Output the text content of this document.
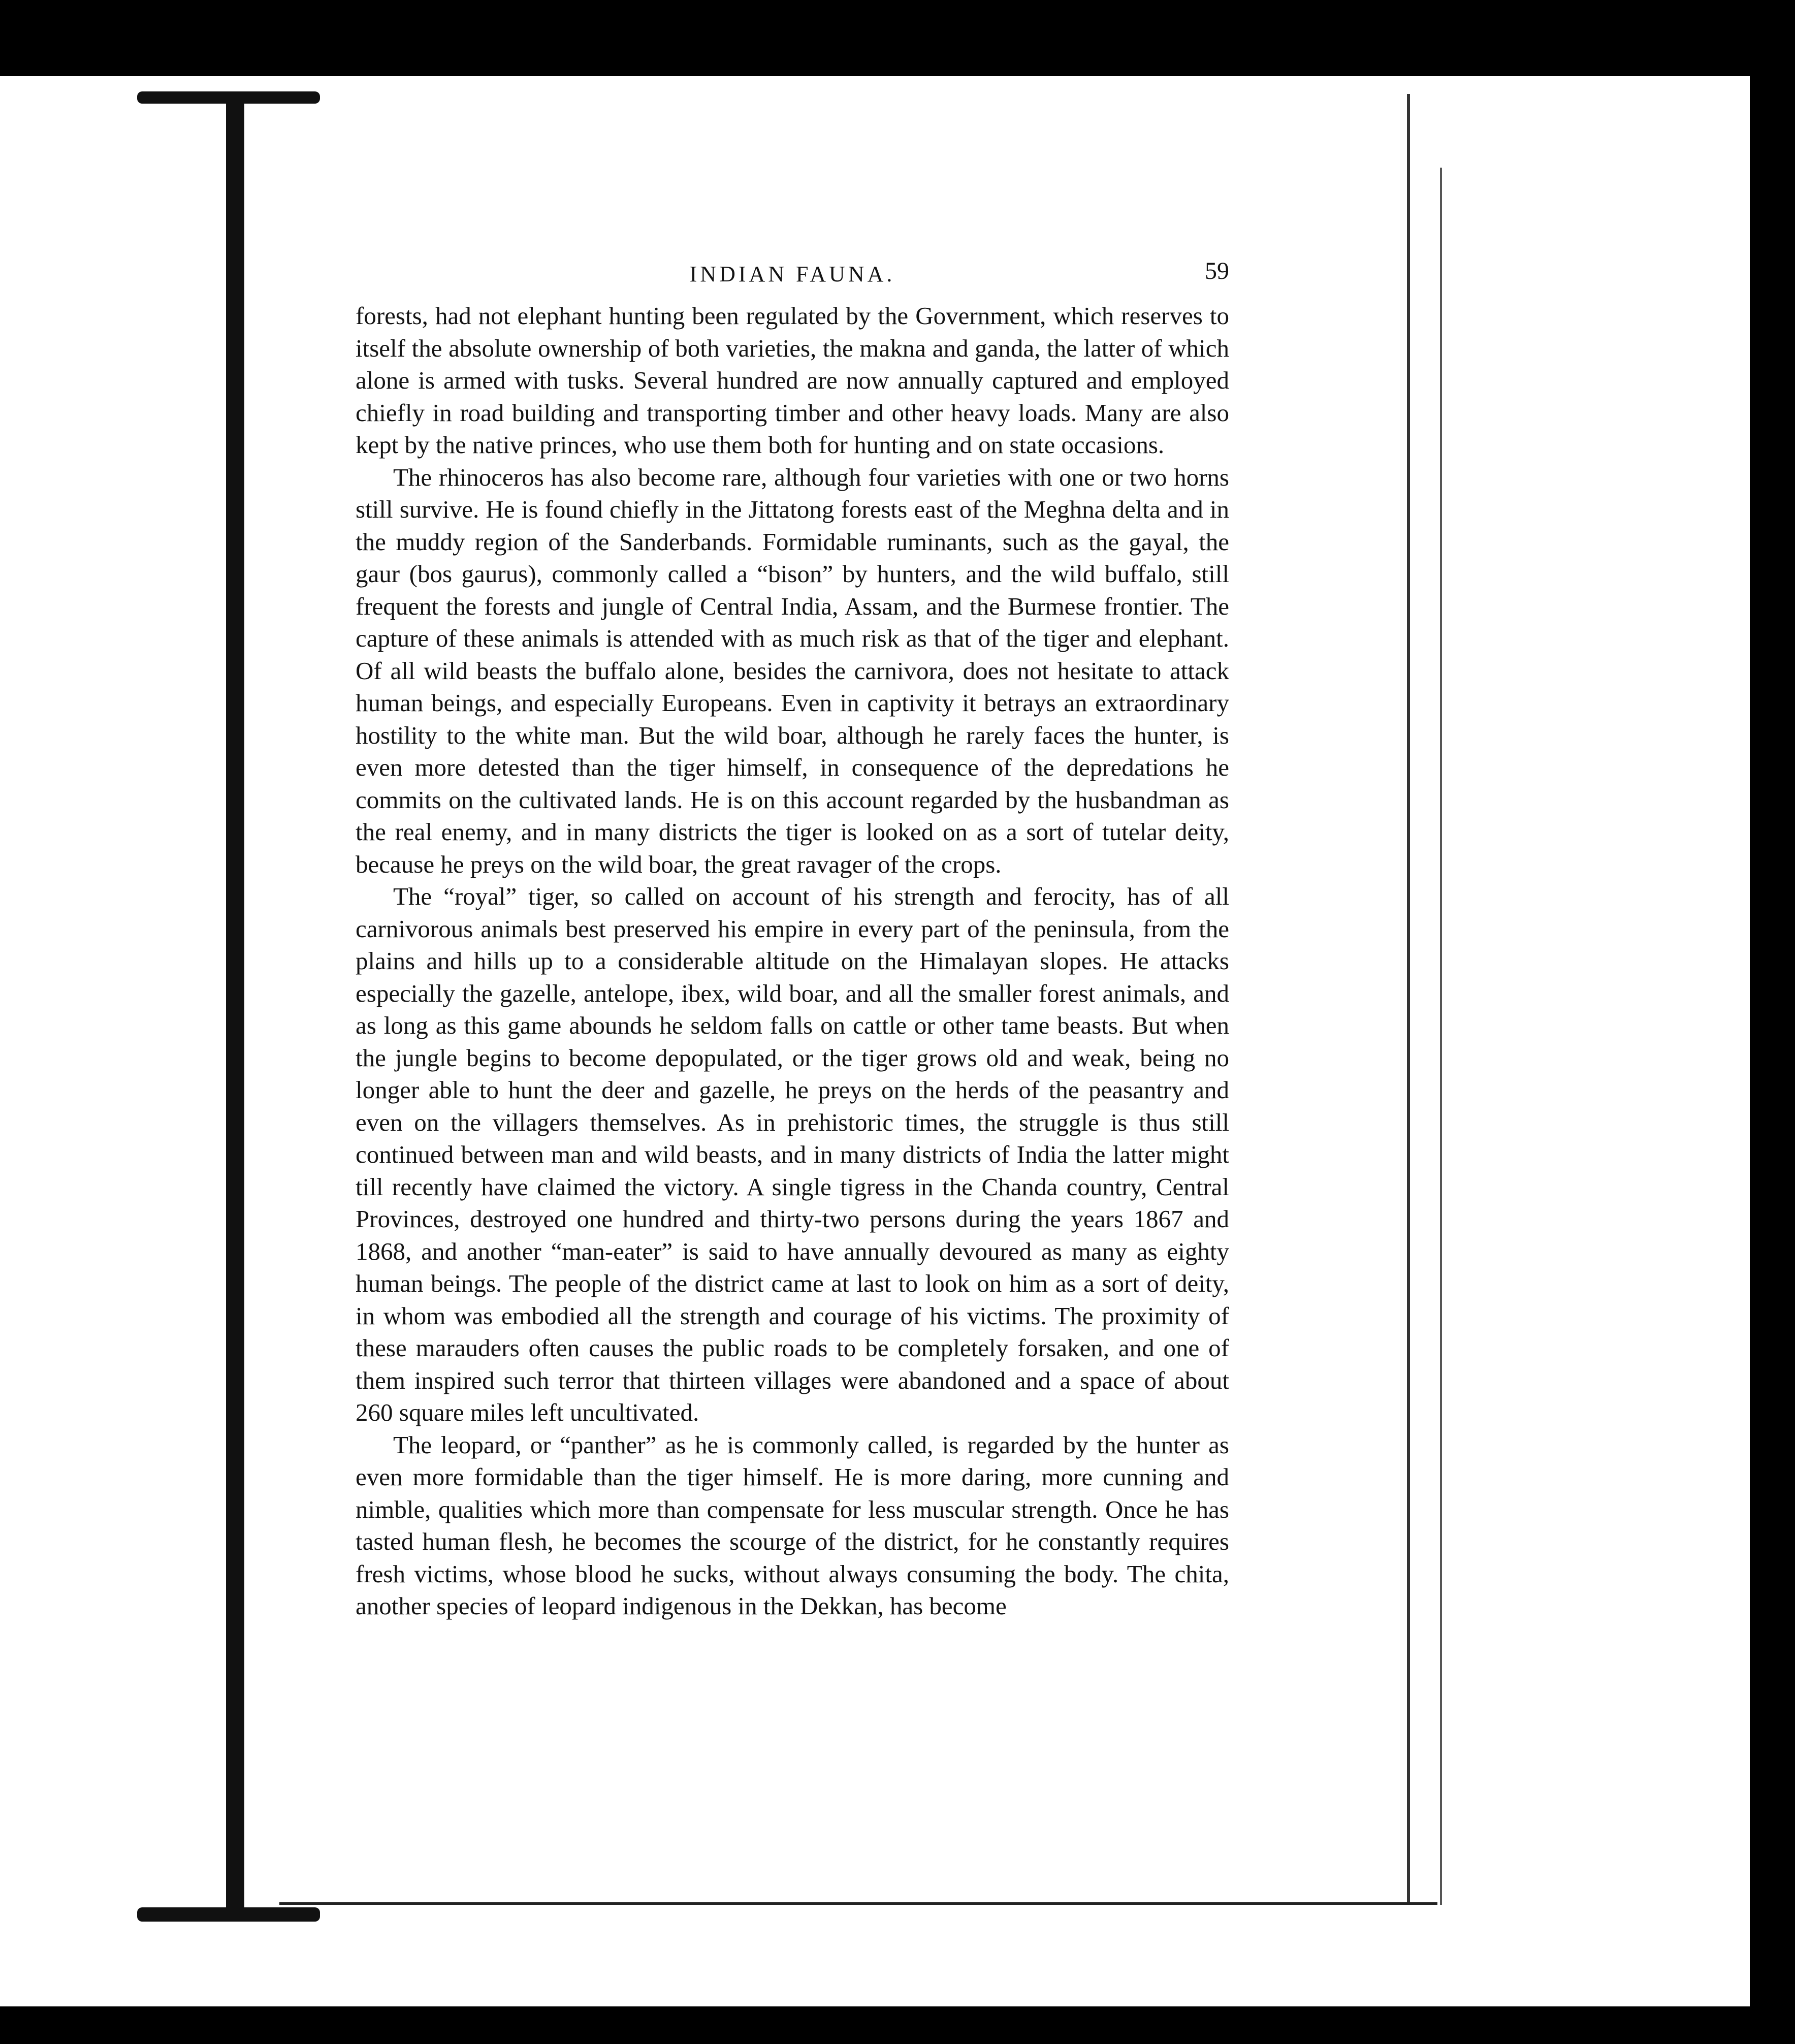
INDIAN FAUNA.	59

forests, had not elephant hunting been regulated by the Government, which reserves to itself the absolute ownership of both varieties, the makna and ganda, the latter of which alone is armed with tusks. Several hundred are now annually captured and employed chiefly in road building and transporting timber and other heavy loads. Many are also kept by the native princes, who use them both for hunting and on state occasions.

The rhinoceros has also become rare, although four varieties with one or two horns still survive. He is found chiefly in the Jittatong forests east of the Meghna delta and in the muddy region of the Sanderbands. Formidable ruminants, such as the gayal, the gaur (bos gaurus), commonly called a “bison” by hunters, and the wild buffalo, still frequent the forests and jungle of Central India, Assam, and the Burmese frontier. The capture of these animals is attended with as much risk as that of the tiger and elephant. Of all wild beasts the buffalo alone, besides the carnivora, does not hesitate to attack human beings, and especially Europeans. Even in captivity it betrays an extraordinary hostility to the white man. But the wild boar, although he rarely faces the hunter, is even more detested than the tiger himself, in consequence of the depredations he commits on the cultivated lands. He is on this account regarded by the husbandman as the real enemy, and in many districts the tiger is looked on as a sort of tutelar deity, because he preys on the wild boar, the great ravager of the crops.

The “royal” tiger, so called on account of his strength and ferocity, has of all carnivorous animals best preserved his empire in every part of the peninsula, from the plains and hills up to a considerable altitude on the Himalayan slopes. He attacks especially the gazelle, antelope, ibex, wild boar, and all the smaller forest animals, and as long as this game abounds he seldom falls on cattle or other tame beasts. But when the jungle begins to become depopulated, or the tiger grows old and weak, being no longer able to hunt the deer and gazelle, he preys on the herds of the peasantry and even on the villagers themselves. As in prehistoric times, the struggle is thus still continued between man and wild beasts, and in many districts of India the latter might till recently have claimed the victory. A single tigress in the Chanda country, Central Provinces, destroyed one hundred and thirty-two persons during the years 1867 and 1868, and another “man-eater” is said to have annually devoured as many as eighty human beings. The people of the district came at last to look on him as a sort of deity, in whom was embodied all the strength and courage of his victims. The proximity of these marauders often causes the public roads to be completely forsaken, and one of them inspired such terror that thirteen villages were abandoned and a space of about 260 square miles left uncultivated.

The leopard, or “panther” as he is commonly called, is regarded by the hunter as even more formidable than the tiger himself. He is more daring, more cunning and nimble, qualities which more than compensate for less muscular strength. Once he has tasted human flesh, he becomes the scourge of the district, for he constantly requires fresh victims, whose blood he sucks, without always consuming the body. The chita, another species of leopard indigenous in the Dekkan, has become
